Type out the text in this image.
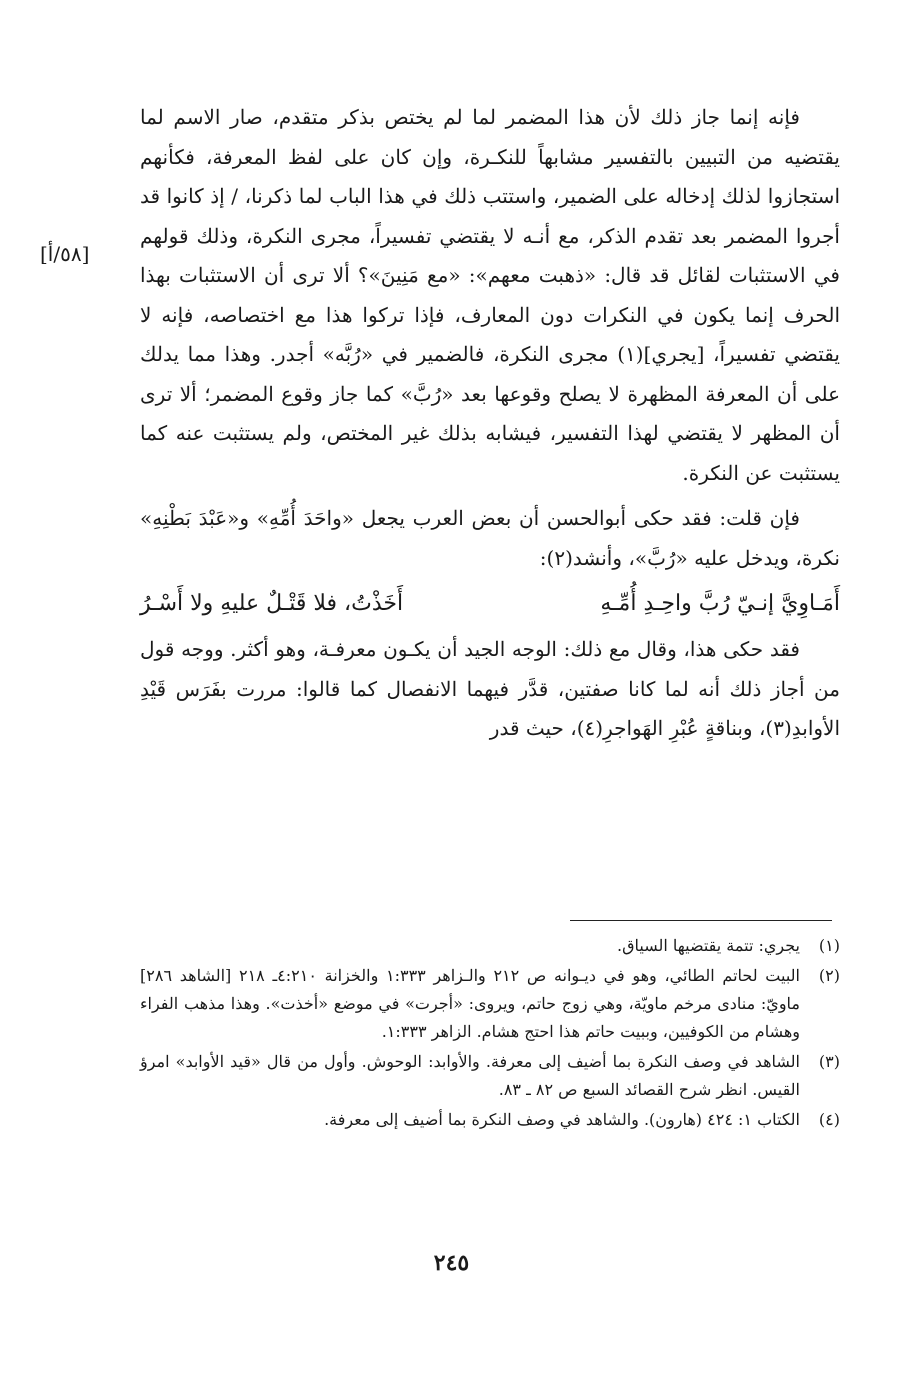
[٥٨/أ]

فإنه إنما جاز ذلك لأن هذا المضمر لما لم يختص بذكر متقدم، صار الاسم لما يقتضيه من التبيين بالتفسير مشابهاً للنكـرة، وإن كان على لفظ المعرفة، فكأنهم استجازوا لذلك إدخاله على الضمير، واستتب ذلك في هذا الباب لما ذكرنا، / إذ كانوا قد أجروا المضمر بعد تقدم الذكر، مع أنـه لا يقتضي تفسيراً، مجرى النكرة، وذلك قولهم في الاستثبات لقائل قد قال: «ذهبت معهم»: «مع مَنِينَ»؟ ألا ترى أن الاستثبات بهذا الحرف إنما يكون في النكرات دون المعارف، فإذا تركوا هذا مع اختصاصه، فإنه لا يقتضي تفسيراً، [يجري](١) مجرى النكرة، فالضمير في «رُبَّه» أجدر. وهذا مما يدلك على أن المعرفة المظهرة لا يصلح وقوعها بعد «رُبَّ» كما جاز وقوع المضمر؛ ألا ترى أن المظهر لا يقتضي لهذا التفسير، فيشابه بذلك غير المختص، ولم يستثبت عنه كما يستثبت عن النكرة.

فإن قلت: فقد حكى أبوالحسن أن بعض العرب يجعل «واحَدَ أُمِّهِ» و«عَبْدَ بَطْنِهِ» نكرة، ويدخل عليه «رُبَّ»، وأنشد(٢):

أَمَـاوِيَّ إنـيّ رُبَّ واحِـدِ أُمِّـهِ
أَخَذْتُ، فلا قَتْـلٌ عليهِ ولا أَسْـرُ

فقد حكى هذا، وقال مع ذلك: الوجه الجيد أن يكـون معرفـة، وهو أكثر. ووجه قول من أجاز ذلك أنه لما كانا صفتين، قدَّر فيهما الانفصال كما قالوا: مررت بفَرَس قَيْدِ الأوابدِ(٣)، وبناقةٍ عُبْرِ الهَواجرِ(٤)، حيث قدر

(١)
يجري: تتمة يقتضيها السياق.
(٢)
البيت لحاتم الطائي، وهو في ديـوانه ص ٢١٢ والـزاهر ١:٣٣٣ والخزانة ٤:٢١٠ـ ٢١٨ [الشاهد ٢٨٦] ماويّ: منادى مرخم ماويّة، وهي زوج حاتم، ويروى: «أجرت» في موضع «أخذت». وهذا مذهب الفراء وهشام من الكوفيين، وببيت حاتم هذا احتج هشام. الزاهر ١:٣٣٣.
(٣)
الشاهد في وصف النكرة بما أضيف إلى معرفة. والأوابد: الوحوش. وأول من قال «قيد الأوابد» امرؤ القيس. انظر شرح القصائد السبع ص ٨٢ ـ ٨٣.
(٤)
الكتاب ١: ٤٢٤ (هارون). والشاهد في وصف النكرة بما أضيف إلى معرفة.
٢٤٥
